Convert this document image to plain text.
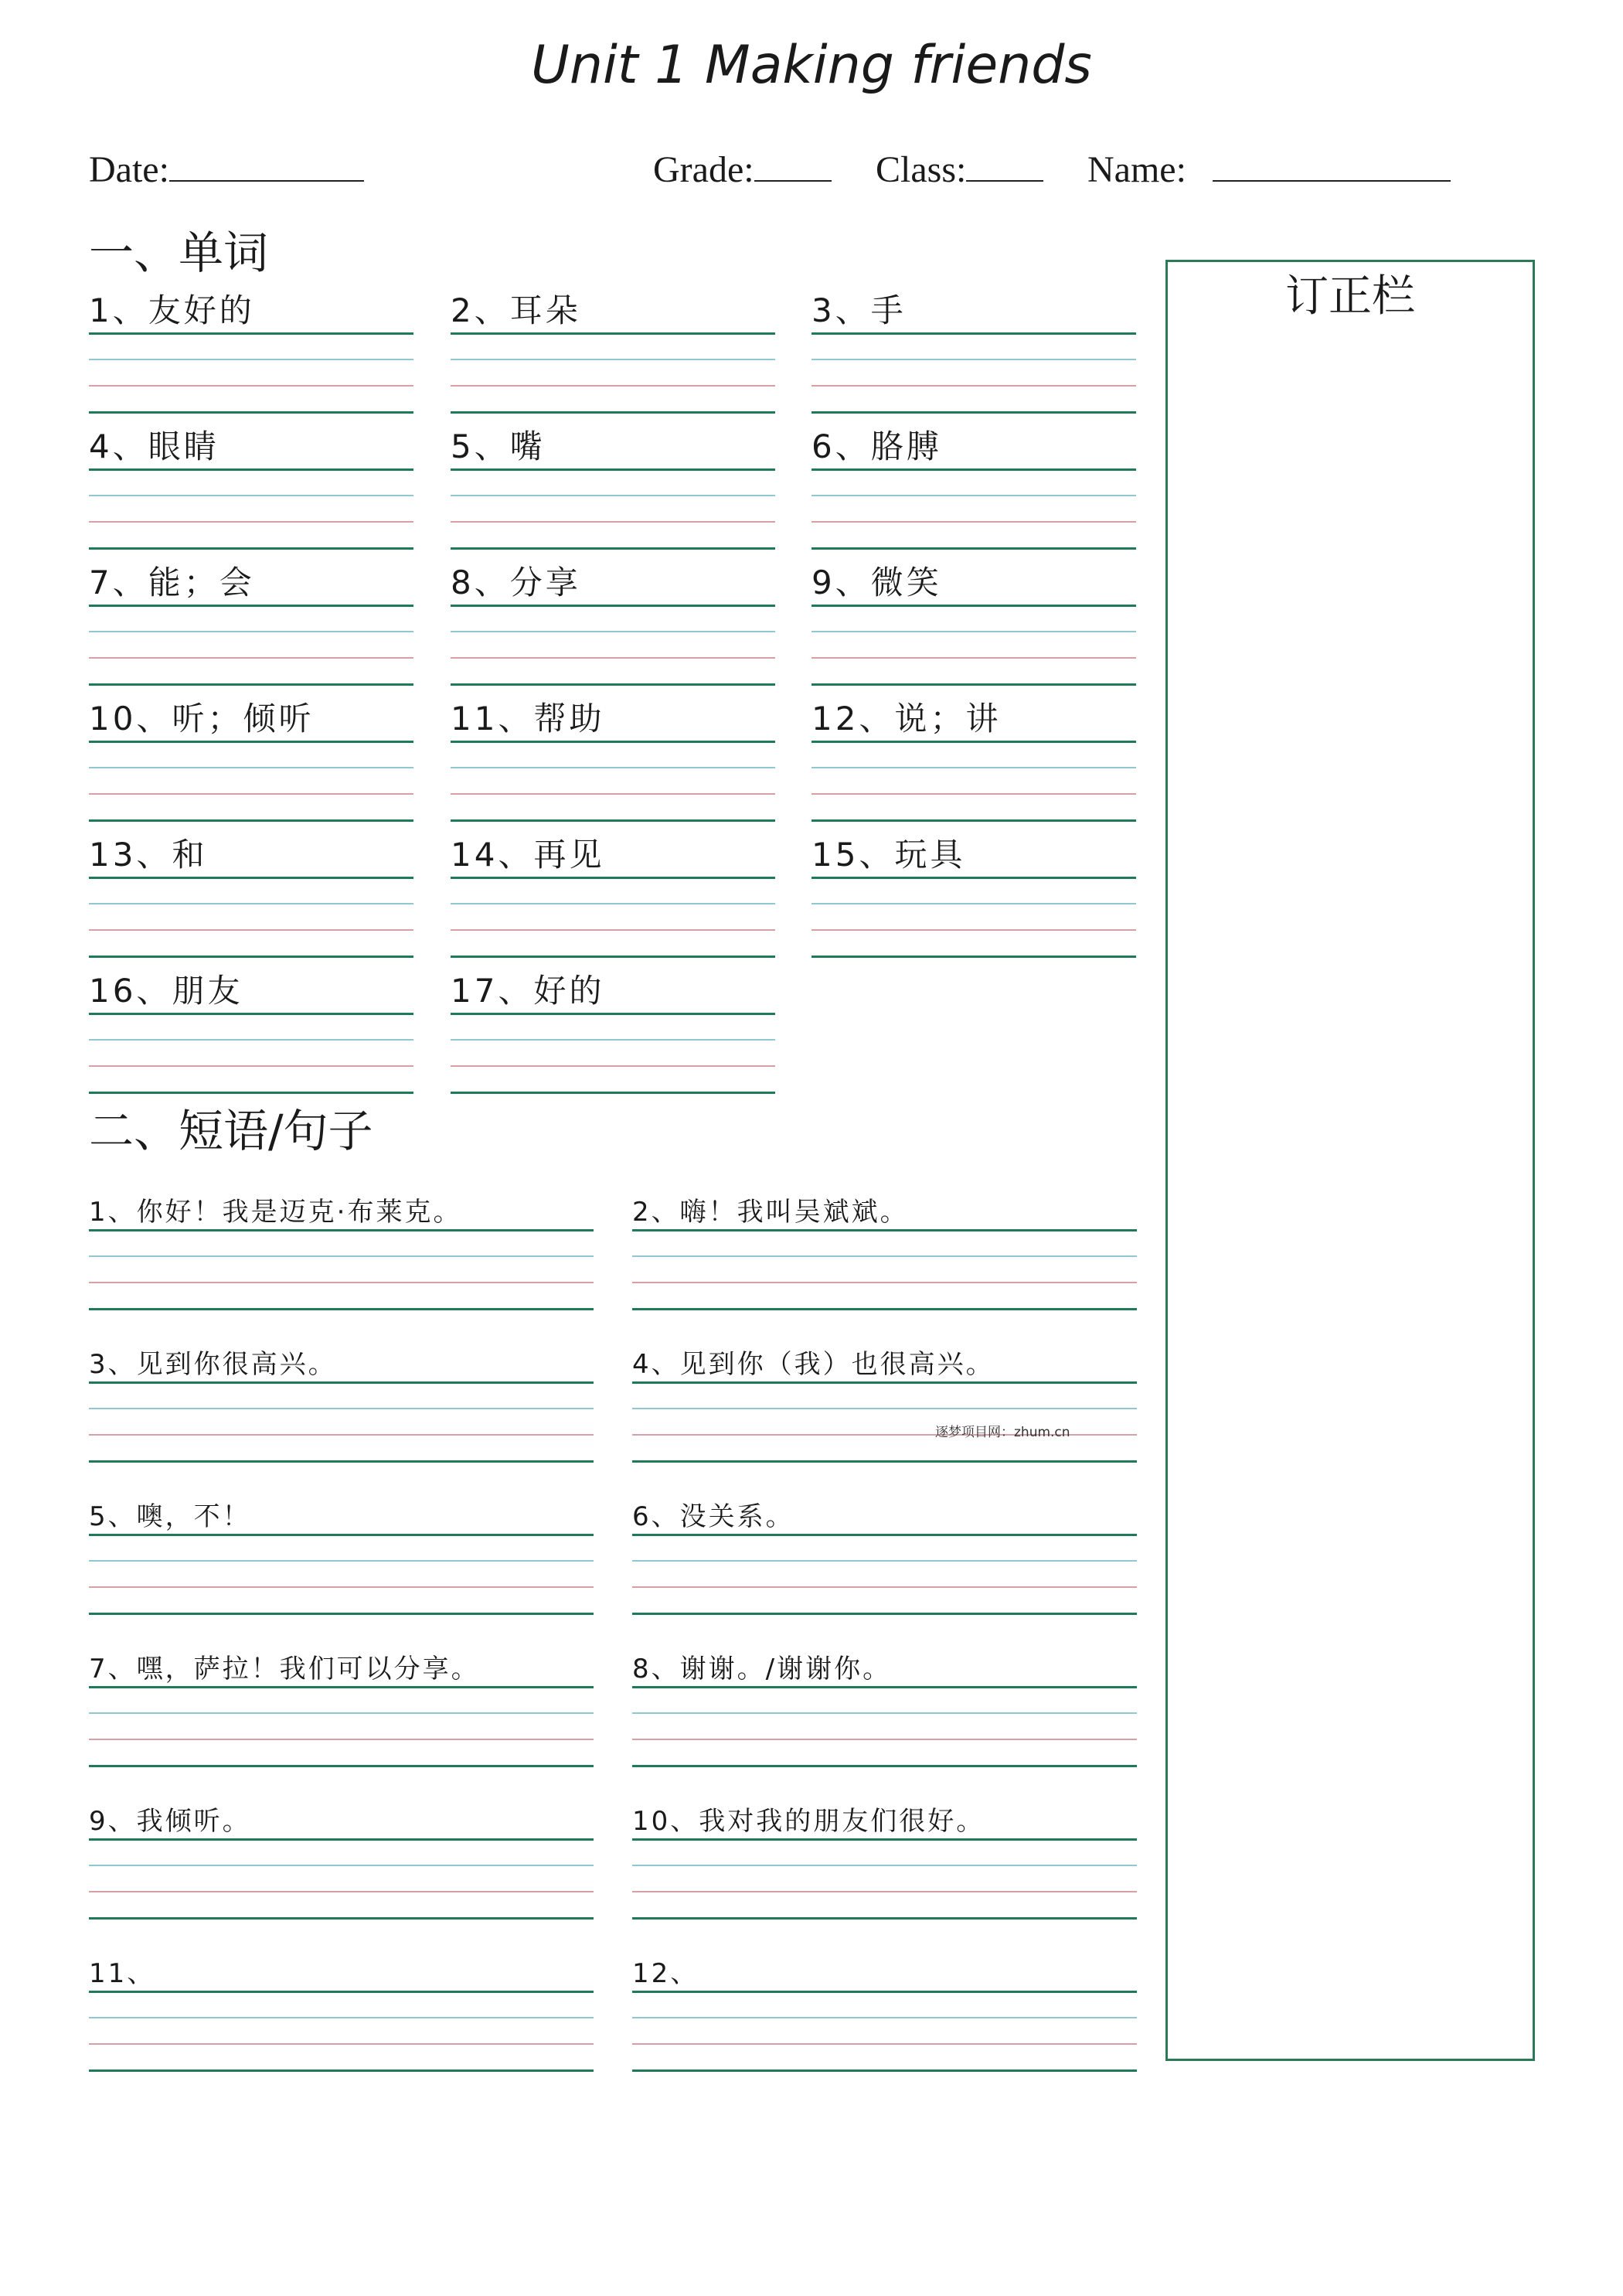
Unit 1 Making friends
Date:	Grade:	Class:	Name:
一、单词
1、友好的	2、耳朵	3、手
4、眼睛	5、嘴	6、胳膊
7、能；会	8、分享	9、微笑
10、听；倾听	11、帮助	12、说；讲
13、和	14、再见	15、玩具
16、朋友	17、好的
二、短语/句子
1、你好！我是迈克·布莱克。	2、嗨！我叫吴斌斌。
3、见到你很高兴。	4、见到你（我）也很高兴。
5、噢，不！	6、没关系。
7、嘿，萨拉！我们可以分享。	8、谢谢。/谢谢你。
9、我倾听。	10、我对我的朋友们很好。
11、	12、
逐梦项目网：zhum.cn
订正栏
